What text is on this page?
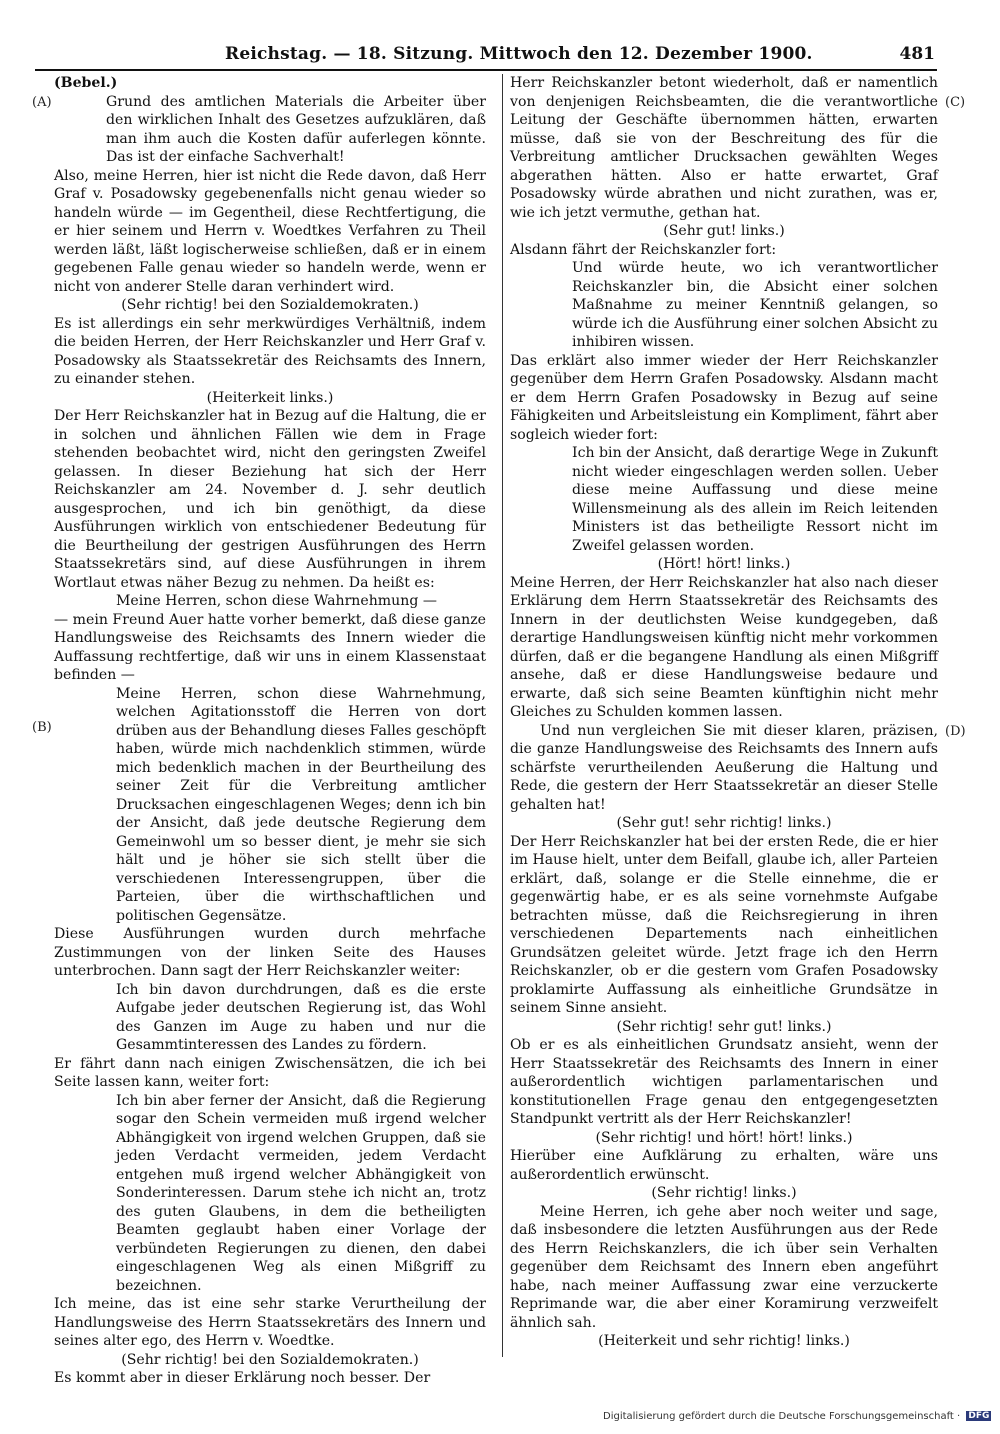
Reichstag. — 18. Sitzung. Mittwoch den 12. Dezember 1900.	481
(A)
(B)
(C)
(D)

(Bebel.)

Grund des amtlichen Materials die Arbeiter über den wirklichen Inhalt des Gesetzes aufzuklären, daß man ihm auch die Kosten dafür auferlegen könnte. Das ist der einfache Sachverhalt!

Also, meine Herren, hier ist nicht die Rede davon, daß Herr Graf v. Posadowsky gegebenenfalls nicht genau wieder so handeln würde — im Gegentheil, diese Rechtfertigung, die er hier seinem und Herrn v. Woedtkes Verfahren zu Theil werden läßt, läßt logischerweise schließen, daß er in einem gegebenen Falle genau wieder so handeln werde, wenn er nicht von anderer Stelle daran verhindert wird.

(Sehr richtig! bei den Sozialdemokraten.)

Es ist allerdings ein sehr merkwürdiges Verhältniß, indem die beiden Herren, der Herr Reichskanzler und Herr Graf v. Posadowsky als Staatssekretär des Reichsamts des Innern, zu einander stehen.

(Heiterkeit links.)

Der Herr Reichskanzler hat in Bezug auf die Haltung, die er in solchen und ähnlichen Fällen wie dem in Frage stehenden beobachtet wird, nicht den geringsten Zweifel gelassen. In dieser Beziehung hat sich der Herr Reichskanzler am 24. November d. J. sehr deutlich ausgesprochen, und ich bin genöthigt, da diese Ausführungen wirklich von entschiedener Bedeutung für die Beurtheilung der gestrigen Ausführungen des Herrn Staatssekretärs sind, auf diese Ausführungen in ihrem Wortlaut etwas näher Bezug zu nehmen. Da heißt es:

Meine Herren, schon diese Wahrnehmung —

— mein Freund Auer hatte vorher bemerkt, daß diese ganze Handlungsweise des Reichsamts des Innern wieder die Auffassung rechtfertige, daß wir uns in einem Klassenstaat befinden —

Meine Herren, schon diese Wahrnehmung, welchen Agitationsstoff die Herren von dort drüben aus der Behandlung dieses Falles geschöpft haben, würde mich nachdenklich stimmen, würde mich bedenklich machen in der Beurtheilung des seiner Zeit für die Verbreitung amtlicher Drucksachen eingeschlagenen Weges; denn ich bin der Ansicht, daß jede deutsche Regierung dem Gemeinwohl um so besser dient, je mehr sie sich hält und je höher sie sich stellt über die verschiedenen Interessengruppen, über die Parteien, über die wirthschaftlichen und politischen Gegensätze.

Diese Ausführungen wurden durch mehrfache Zustimmungen von der linken Seite des Hauses unterbrochen. Dann sagt der Herr Reichskanzler weiter:

Ich bin davon durchdrungen, daß es die erste Aufgabe jeder deutschen Regierung ist, das Wohl des Ganzen im Auge zu haben und nur die Gesammtinteressen des Landes zu fördern.

Er fährt dann nach einigen Zwischensätzen, die ich bei Seite lassen kann, weiter fort:

Ich bin aber ferner der Ansicht, daß die Regierung sogar den Schein vermeiden muß irgend welcher Abhängigkeit von irgend welchen Gruppen, daß sie jeden Verdacht vermeiden, jedem Verdacht entgehen muß irgend welcher Abhängigkeit von Sonderinteressen. Darum stehe ich nicht an, trotz des guten Glaubens, in dem die betheiligten Beamten geglaubt haben einer Vorlage der verbündeten Regierungen zu dienen, den dabei eingeschlagenen Weg als einen Mißgriff zu bezeichnen.

Ich meine, das ist eine sehr starke Verurtheilung der Handlungsweise des Herrn Staatssekretärs des Innern und seines alter ego, des Herrn v. Woedtke.

(Sehr richtig! bei den Sozialdemokraten.)

Es kommt aber in dieser Erklärung noch besser. Der

Herr Reichskanzler betont wiederholt, daß er namentlich von denjenigen Reichsbeamten, die die verantwortliche Leitung der Geschäfte übernommen hätten, erwarten müsse, daß sie von der Beschreitung des für die Verbreitung amtlicher Drucksachen gewählten Weges abgerathen hätten. Also er hatte erwartet, Graf Posadowsky würde abrathen und nicht zurathen, was er, wie ich jetzt vermuthe, gethan hat.

(Sehr gut! links.)

Alsdann fährt der Reichskanzler fort:

Und würde heute, wo ich verantwortlicher Reichskanzler bin, die Absicht einer solchen Maßnahme zu meiner Kenntniß gelangen, so würde ich die Ausführung einer solchen Absicht zu inhibiren wissen.

Das erklärt also immer wieder der Herr Reichskanzler gegenüber dem Herrn Grafen Posadowsky. Alsdann macht er dem Herrn Grafen Posadowsky in Bezug auf seine Fähigkeiten und Arbeitsleistung ein Kompliment, fährt aber sogleich wieder fort:

Ich bin der Ansicht, daß derartige Wege in Zukunft nicht wieder eingeschlagen werden sollen. Ueber diese meine Auffassung und diese meine Willensmeinung als des allein im Reich leitenden Ministers ist das betheiligte Ressort nicht im Zweifel gelassen worden.

(Hört! hört! links.)

Meine Herren, der Herr Reichskanzler hat also nach dieser Erklärung dem Herrn Staatssekretär des Reichsamts des Innern in der deutlichsten Weise kundgegeben, daß derartige Handlungsweisen künftig nicht mehr vorkommen dürfen, daß er die begangene Handlung als einen Mißgriff ansehe, daß er diese Handlungsweise bedaure und erwarte, daß sich seine Beamten künftighin nicht mehr Gleiches zu Schulden kommen lassen.

Und nun vergleichen Sie mit dieser klaren, präzisen, die ganze Handlungsweise des Reichsamts des Innern aufs schärfste verurtheilenden Aeußerung die Haltung und Rede, die gestern der Herr Staatssekretär an dieser Stelle gehalten hat!

(Sehr gut! sehr richtig! links.)

Der Herr Reichskanzler hat bei der ersten Rede, die er hier im Hause hielt, unter dem Beifall, glaube ich, aller Parteien erklärt, daß, solange er die Stelle einnehme, die er gegenwärtig habe, er es als seine vornehmste Aufgabe betrachten müsse, daß die Reichsregierung in ihren verschiedenen Departements nach einheitlichen Grundsätzen geleitet würde. Jetzt frage ich den Herrn Reichskanzler, ob er die gestern vom Grafen Posadowsky proklamirte Auffassung als einheitliche Grundsätze in seinem Sinne ansieht.

(Sehr richtig! sehr gut! links.)

Ob er es als einheitlichen Grundsatz ansieht, wenn der Herr Staatssekretär des Reichsamts des Innern in einer außerordentlich wichtigen parlamentarischen und konstitutionellen Frage genau den entgegengesetzten Standpunkt vertritt als der Herr Reichskanzler!

(Sehr richtig! und hört! hört! links.)

Hierüber eine Aufklärung zu erhalten, wäre uns außerordentlich erwünscht.

(Sehr richtig! links.)

Meine Herren, ich gehe aber noch weiter und sage, daß insbesondere die letzten Ausführungen aus der Rede des Herrn Reichskanzlers, die ich über sein Verhalten gegenüber dem Reichsamt des Innern eben angeführt habe, nach meiner Auffassung zwar eine verzuckerte Reprimande war, die aber einer Koramirung verzweifelt ähnlich sah.

(Heiterkeit und sehr richtig! links.)

Digitalisierung gefördert durch die Deutsche Forschungsgemeinschaft · DFG
